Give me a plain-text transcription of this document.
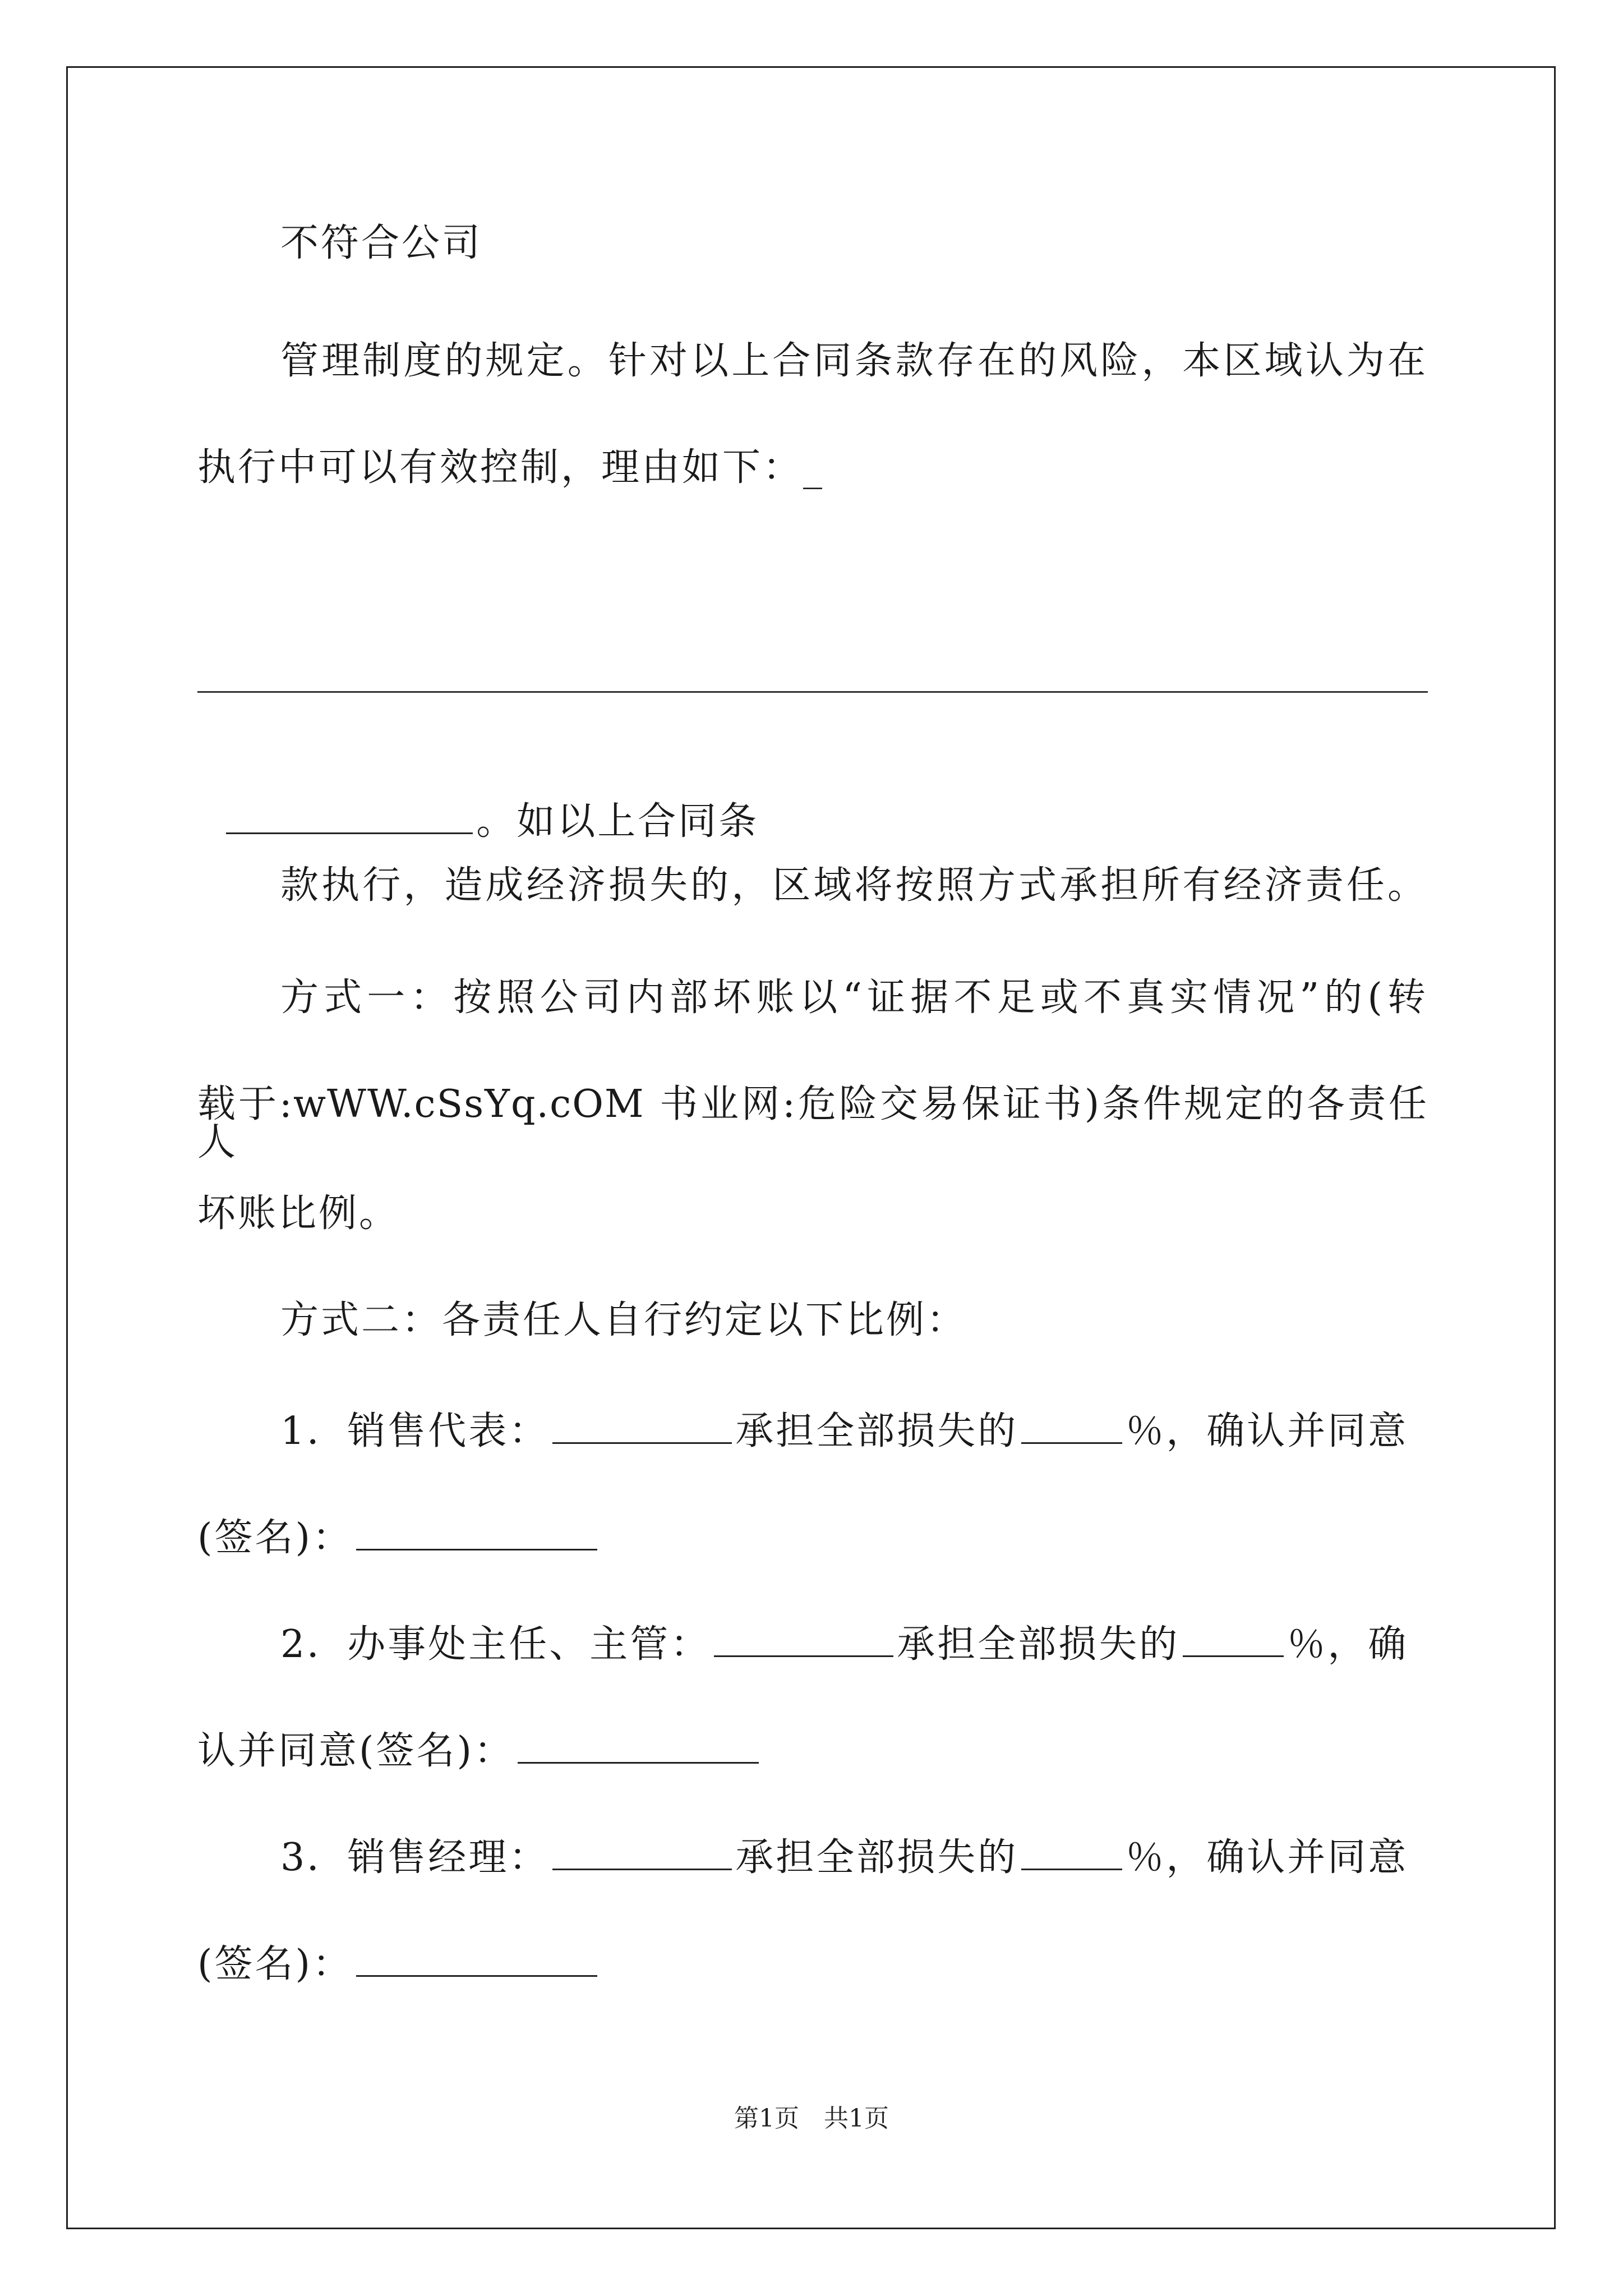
不符合公司
管理制度的规定。针对以上合同条款存在的风险，本区域认为在
执行中可以有效控制，理由如下：_

。如以上合同条

款执行，造成经济损失的，区域将按照方式承担所有经济责任。
方式一：按照公司内部坏账以“证据不足或不真实情况”的(转
载于:wWW.cSsYq.cOM 书业网:危险交易保证书)条件规定的各责任人
坏账比例。
方式二：各责任人自行约定以下比例：
1．销售代表：	承担全部损失的	％，确认并同意
(签名)：
2．办事处主任、主管：	承担全部损失的	％，确
认并同意(签名)：
3．销售经理：	承担全部损失的	％，确认并同意
(签名)：
第1页　共1页
